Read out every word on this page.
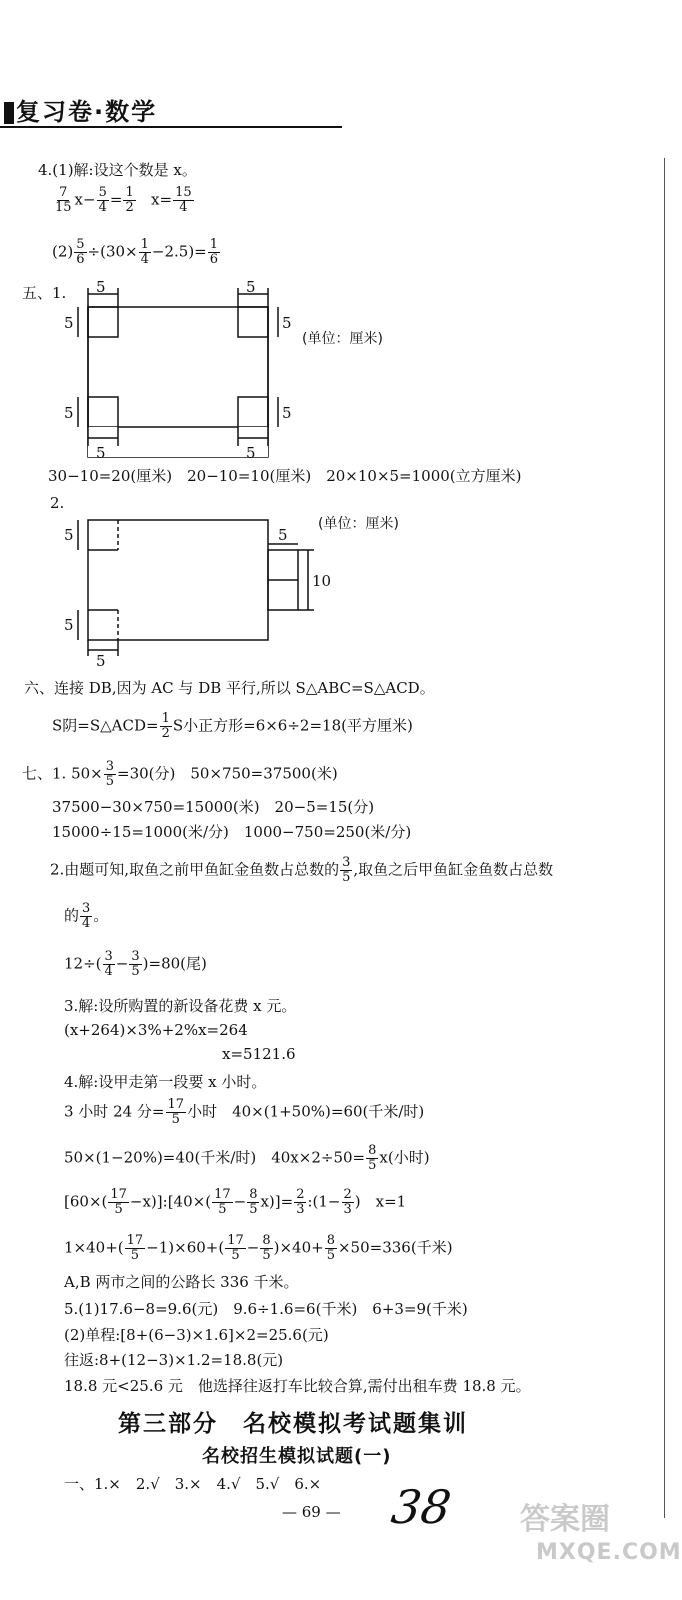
复习卷·数学
4.(1)解:设这个数是 x。
$\frac{7}{15} x- \frac{5}{4} = \frac{1}{2} x= \frac{15}{4}$
$(2) \frac{5}{6} \div(30\times \frac{1}{4} -2.5)= \frac{1}{6}$
五、1.
(单位：厘米)
5	5
5
5
5
5
5	5
30−10=20(厘米)　20−10=10(厘米)　20×10×5=1000(立方厘米)
2.
(单位：厘米)
5
5
5
10
5
六、连接 DB,因为 AC 与 DB 平行,所以 S△ABC=S△ACD。
S阴=S△ACD= $\frac{1}{2}$ S小正方形=6×6÷2=18(平方厘米)
七、1. $50\times \frac{3}{5} =30$(分)　50×750=37500(米)
37500−30×750=15000(米)　20−5=15(分)
15000÷15=1000(米/分)　1000−750=250(米/分)
2.由题可知,取鱼之前甲鱼缸金鱼数占总数的 $\frac{3}{5}$ ,取鱼之后甲鱼缸金鱼数占总数
的 $\frac{3}{4}$ 。
$12\div( \frac{3}{4} - \frac{3}{5} )=80$(尾)
3.解:设所购置的新设备花费 x 元。
(x+264)×3%+2%x=264
x=5121.6
4.解:设甲走第一段要 x 小时。
3 小时 24 分= $\frac{17}{5}$ 小时　40×(1+50%)=60(千米/时)
50×(1−20%)=40(千米/时)　$40x\times 2\div 50= \frac{8}{5} x$(小时)
[$60\times( \frac{17}{5}$ −x)]:[40×( $\frac{17}{5} - \frac{8}{5} x)]= \frac{2}{3}$ :(1− $\frac{2}{3}$ )　x=1
$1\times 40+( \frac{17}{5} -1)\times 60+( \frac{17}{5} - \frac{8}{5} )\times 40+ \frac{8}{5} \times 50=336$(千米)
A,B 两市之间的公路长 336 千米。
5.(1)17.6−8=9.6(元)　9.6÷1.6=6(千米)　6+3=9(千米)
(2)单程:[8+(6−3)×1.6]×2=25.6(元)
往返:8+(12−3)×1.2=18.8(元)
18.8 元<25.6 元　他选择往返打车比较合算,需付出租车费 18.8 元。
第三部分　名校模拟考试题集训
名校招生模拟试题(一)
一、1.×　2.√　3.×　4.√　5.√　6.×
— 69 — 38 答案圈
MXQE.COM
